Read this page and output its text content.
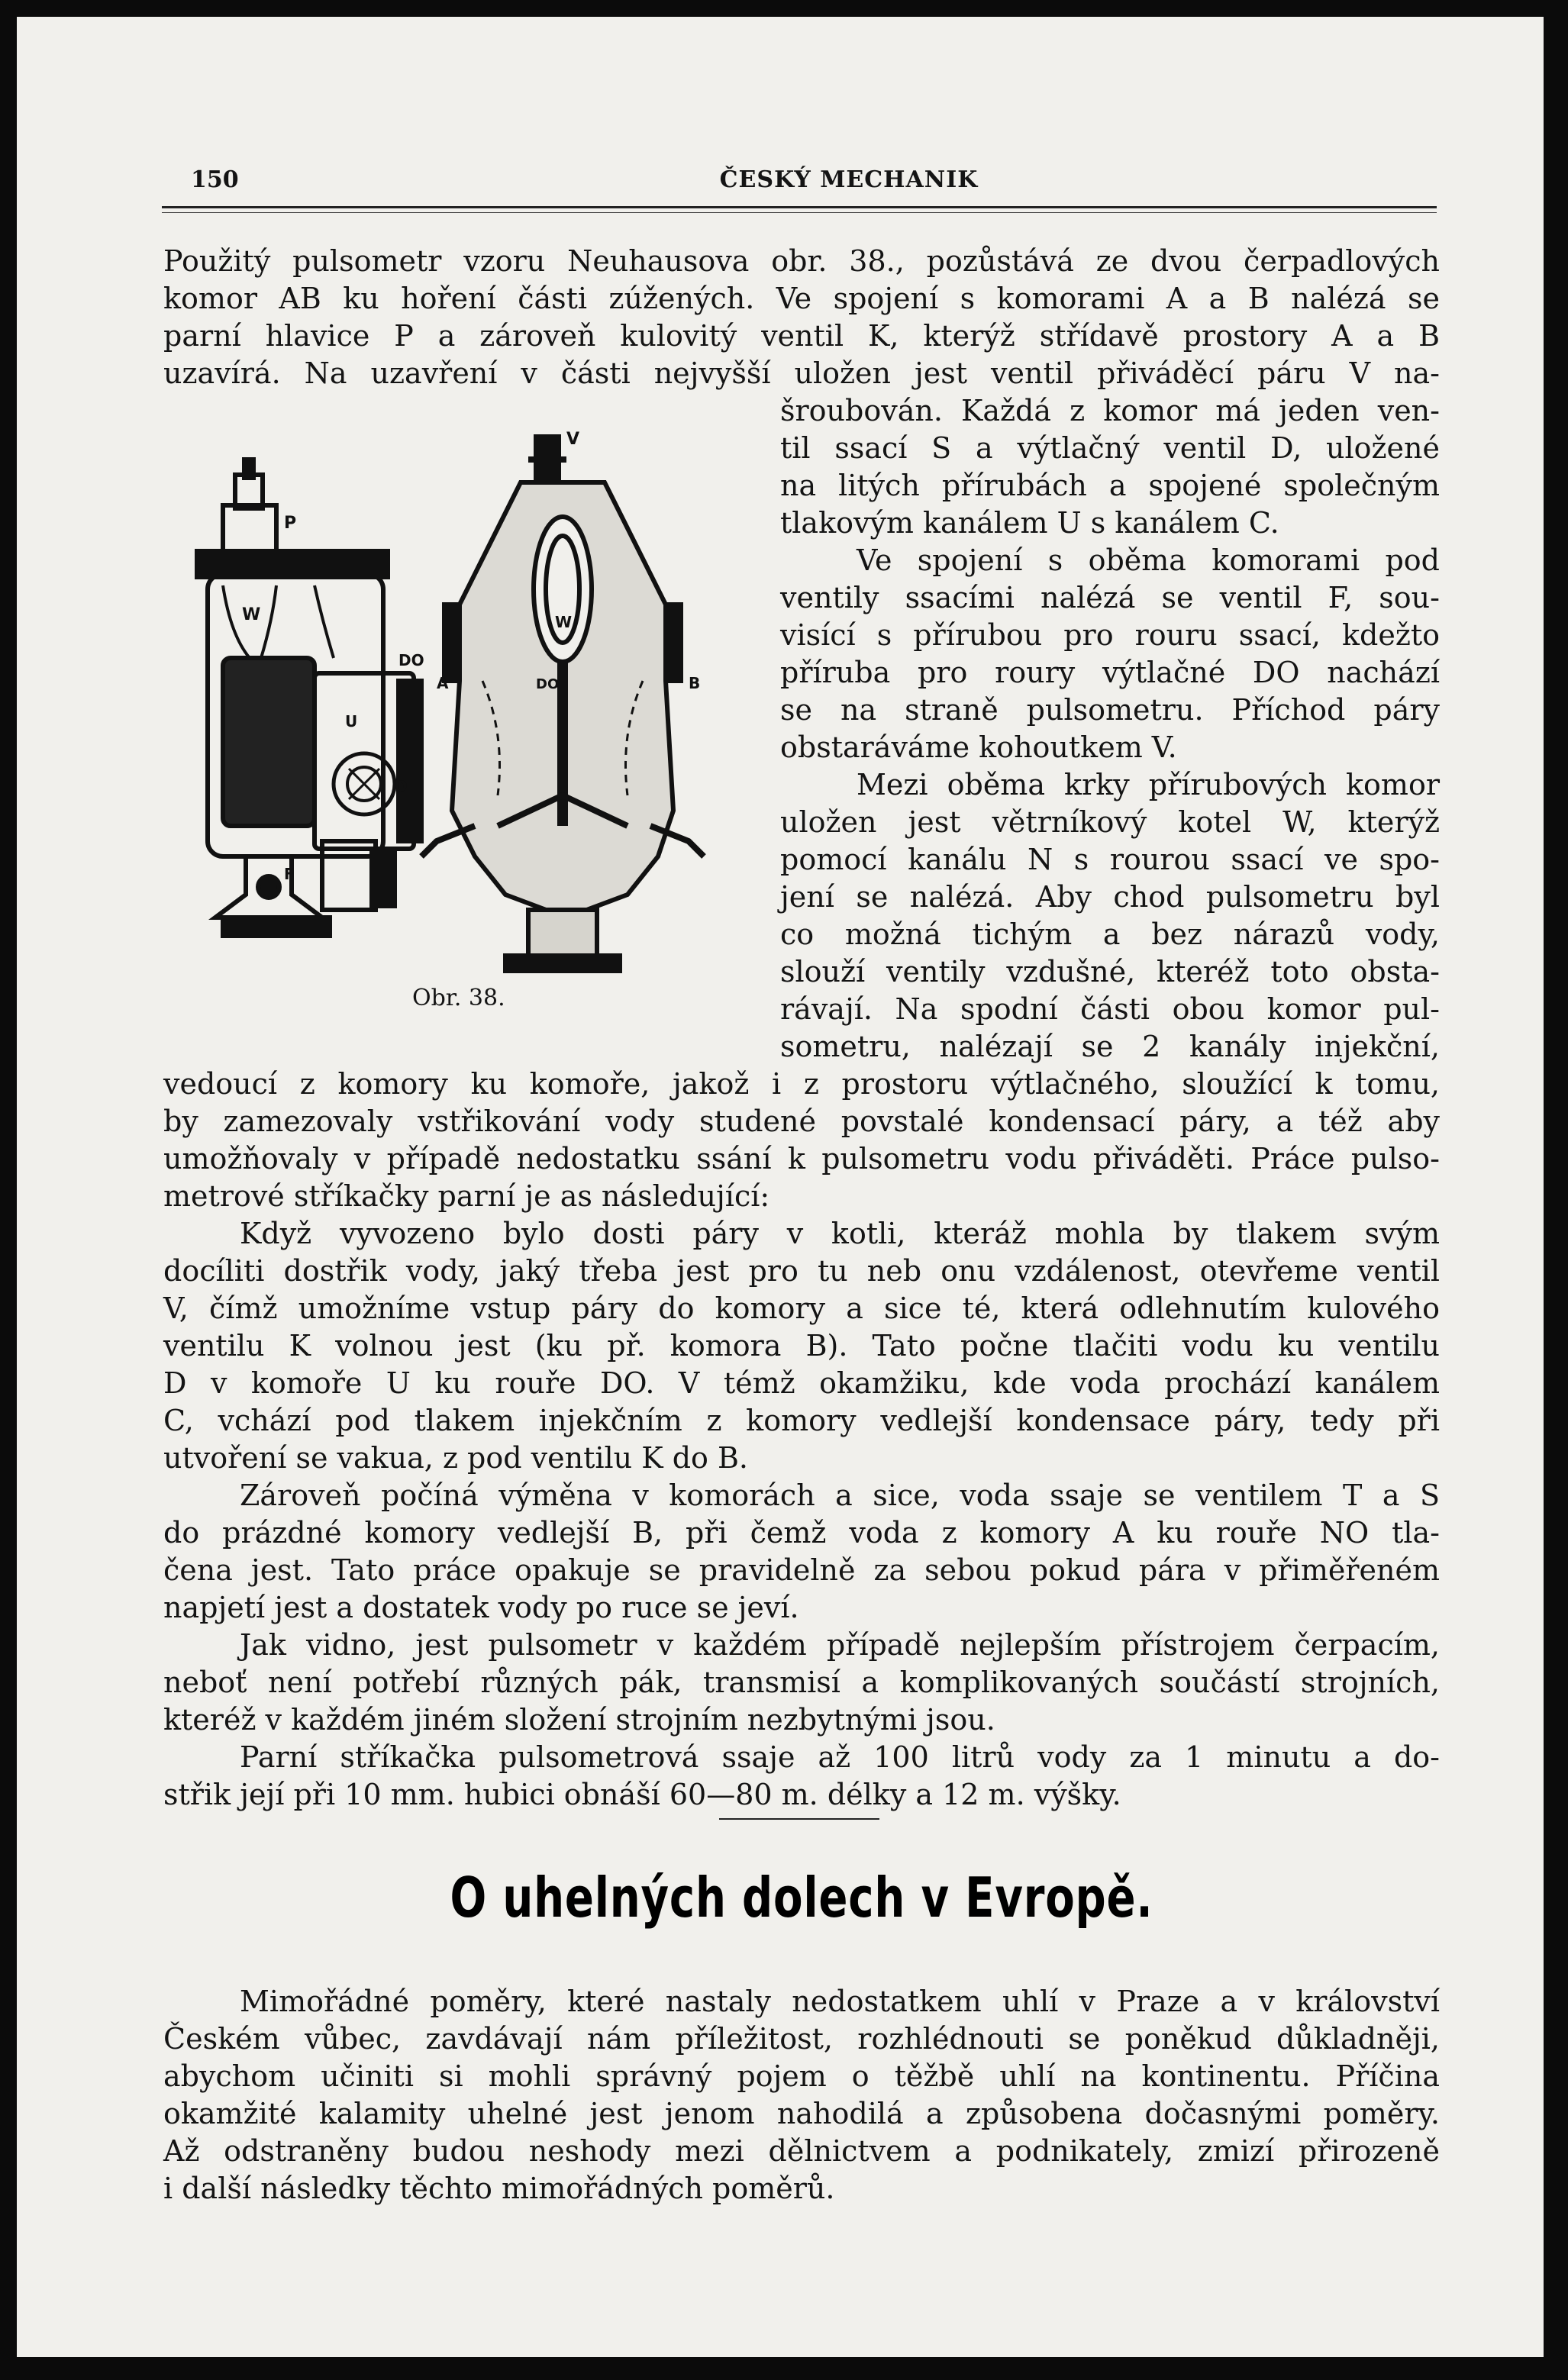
150	ČESKÝ MECHANIK
Použitý pulsometr vzoru Neuhausova obr. 38., pozůstává ze dvou čerpadlových
komor AB ku hoření části zúžených. Ve spojení s komorami A a B nalézá se
parní hlavice P a zároveň kulovitý ventil K, kterýž střídavě prostory A a B
uzavírá. Na uzavření v části nejvyšší uložen jest ventil přiváděcí páru V na-
šroubován. Každá z komor má jeden ven-
til ssací S a výtlačný ventil D, uložené
na litých přírubách a spojené společným
tlakovým kanálem U s kanálem C.
Ve spojení s oběma komorami pod
ventily ssacími nalézá se ventil F, sou-
visící s přírubou pro rouru ssací, kdežto
příruba pro roury výtlačné DO nachází
se na straně pulsometru. Příchod páry
obstaráváme kohoutkem V.
Mezi oběma krky přírubových komor
uložen jest větrníkový kotel W, kterýž
pomocí kanálu N s rourou ssací ve spo-
jení se nalézá. Aby chod pulsometru byl
co možná tichým a bez nárazů vody,
slouží ventily vzdušné, kteréž toto obsta-
rávají. Na spodní části obou komor pul-
sometru, nalézají se 2 kanály injekční,
P
W
DO
U
D
F
V
A	B
W
DO
Obr. 38.
vedoucí z komory ku komoře, jakož i z prostoru výtlačného, sloužící k tomu,
by zamezovaly vstřikování vody studené povstalé kondensací páry, a též aby
umožňovaly v případě nedostatku ssání k pulsometru vodu přiváděti. Práce pulso-
metrové stříkačky parní je as následující:
Když vyvozeno bylo dosti páry v kotli, kteráž mohla by tlakem svým
docíliti dostřik vody, jaký třeba jest pro tu neb onu vzdálenost, otevřeme ventil
V, čímž umožníme vstup páry do komory a sice té, která odlehnutím kulového
ventilu K volnou jest (ku př. komora B). Tato počne tlačiti vodu ku ventilu
D v komoře U ku rouře DO. V témž okamžiku, kde voda prochází kanálem
C, vchází pod tlakem injekčním z komory vedlejší kondensace páry, tedy při
utvoření se vakua, z pod ventilu K do B.
Zároveň počíná výměna v komorách a sice, voda ssaje se ventilem T a S
do prázdné komory vedlejší B, při čemž voda z komory A ku rouře NO tla-
čena jest. Tato práce opakuje se pravidelně za sebou pokud pára v přiměřeném
napjetí jest a dostatek vody po ruce se jeví.
Jak vidno, jest pulsometr v každém případě nejlepším přístrojem čerpacím,
neboť není potřebí různých pák, transmisí a komplikovaných součástí strojních,
kteréž v každém jiném složení strojním nezbytnými jsou.
Parní stříkačka pulsometrová ssaje až 100 litrů vody za 1 minutu a do-
střik její při 10 mm. hubici obnáší 60—80 m. délky a 12 m. výšky.
O uhelných dolech v Evropě.
Mimořádné poměry, které nastaly nedostatkem uhlí v Praze a v království
Českém vůbec, zavdávají nám příležitost, rozhlédnouti se poněkud důkladněji,
abychom učiniti si mohli správný pojem o těžbě uhlí na kontinentu. Příčina
okamžité kalamity uhelné jest jenom nahodilá a způsobena dočasnými poměry.
Až odstraněny budou neshody mezi dělnictvem a podnikately, zmizí přirozeně
i další následky těchto mimořádných poměrů.
